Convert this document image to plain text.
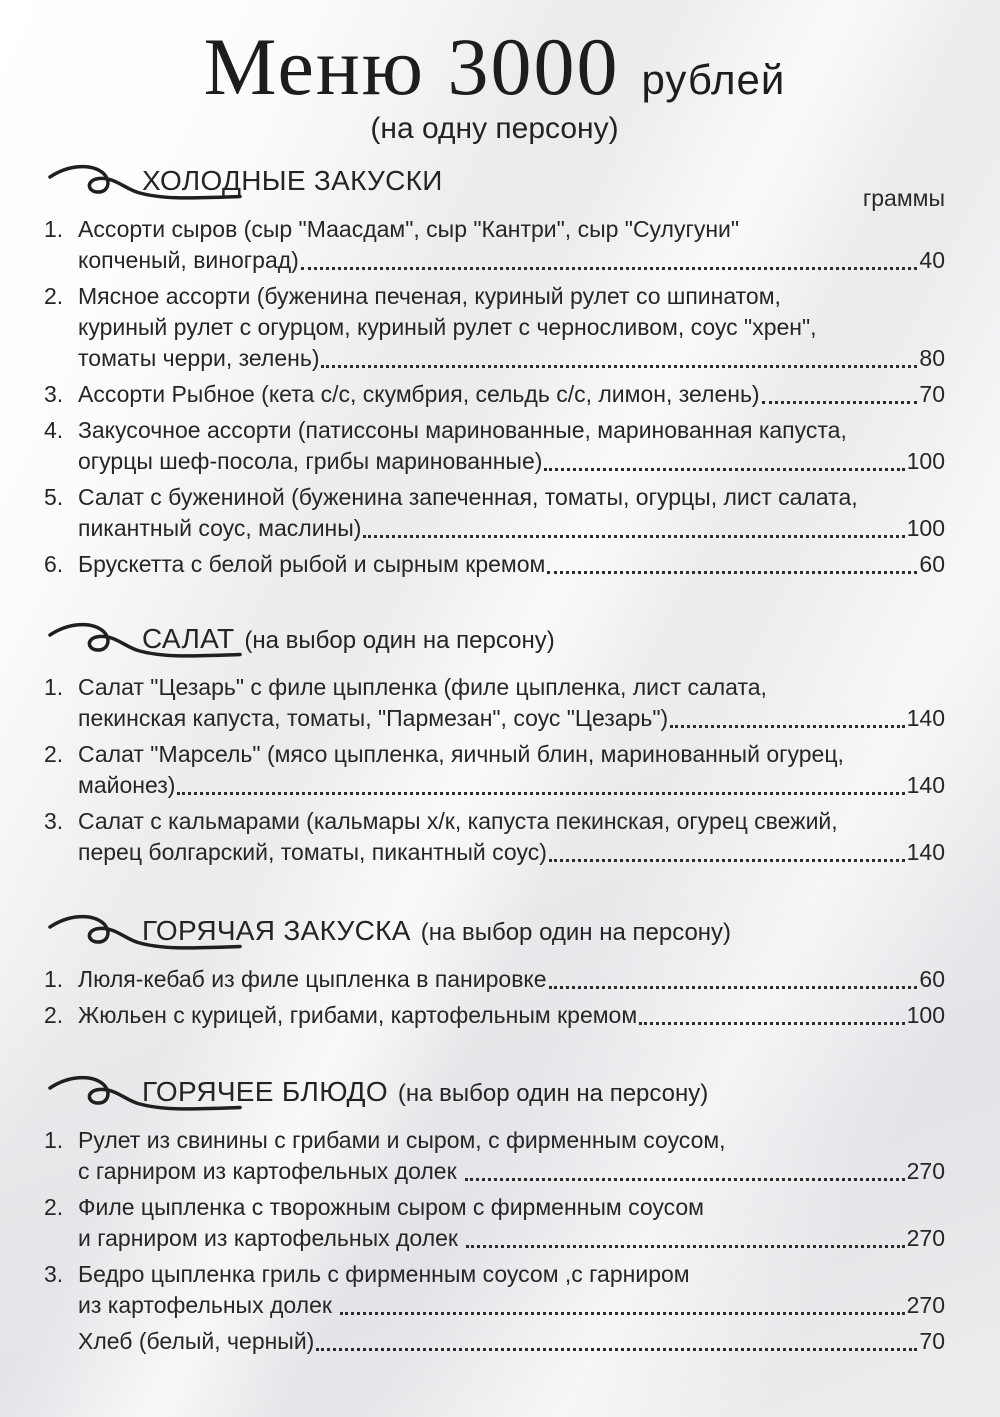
Меню 3000 рублей
(на одну персону)
ХОЛОДНЫЕ ЗАКУСКИ
граммы
1. Ассорти сыров (сыр "Маасдам", сыр "Кантри", сыр "Сулугуни"
копченый, виноград)	40
2. Мясное ассорти (буженина печеная, куриный рулет со шпинатом,
куриный рулет с огурцом, куриный рулет с черносливом, соус "хрен",
томаты черри, зелень)	80
3. Ассорти Рыбное (кета с/с, скумбрия, сельдь с/с, лимон, зелень)	70
4. Закусочное ассорти (патиссоны маринованные, маринованная капуста,
огурцы шеф-посола, грибы маринованные)	100
5. Салат с бужениной (буженина запеченная, томаты, огурцы, лист салата,
пикантный соус, маслины)	100
6. Брускетта с белой рыбой и сырным кремом	60
САЛАТ (на выбор один на персону)
1. Салат "Цезарь" с филе цыпленка (филе цыпленка, лист салата,
пекинская капуста, томаты, "Пармезан", соус "Цезарь")	140
2. Салат "Марсель" (мясо цыпленка, яичный блин, маринованный огурец,
майонез)	140
3. Салат с кальмарами (кальмары х/к, капуста пекинская, огурец свежий,
перец болгарский, томаты, пикантный соус)	140
ГОРЯЧАЯ ЗАКУСКА (на выбор один на персону)
1. Люля-кебаб из филе цыпленка в панировке	60
2. Жюльен с курицей, грибами, картофельным кремом	100
ГОРЯЧЕЕ БЛЮДО (на выбор один на персону)
1. Рулет из свинины с грибами и сыром, с фирменным соусом,
с гарниром из картофельных долек	270
2. Филе цыпленка с творожным сыром с фирменным соусом
и гарниром из картофельных долек	270
3. Бедро цыпленка гриль с фирменным соусом ,с гарниром
из картофельных долек	270
Хлеб (белый, черный)	70
